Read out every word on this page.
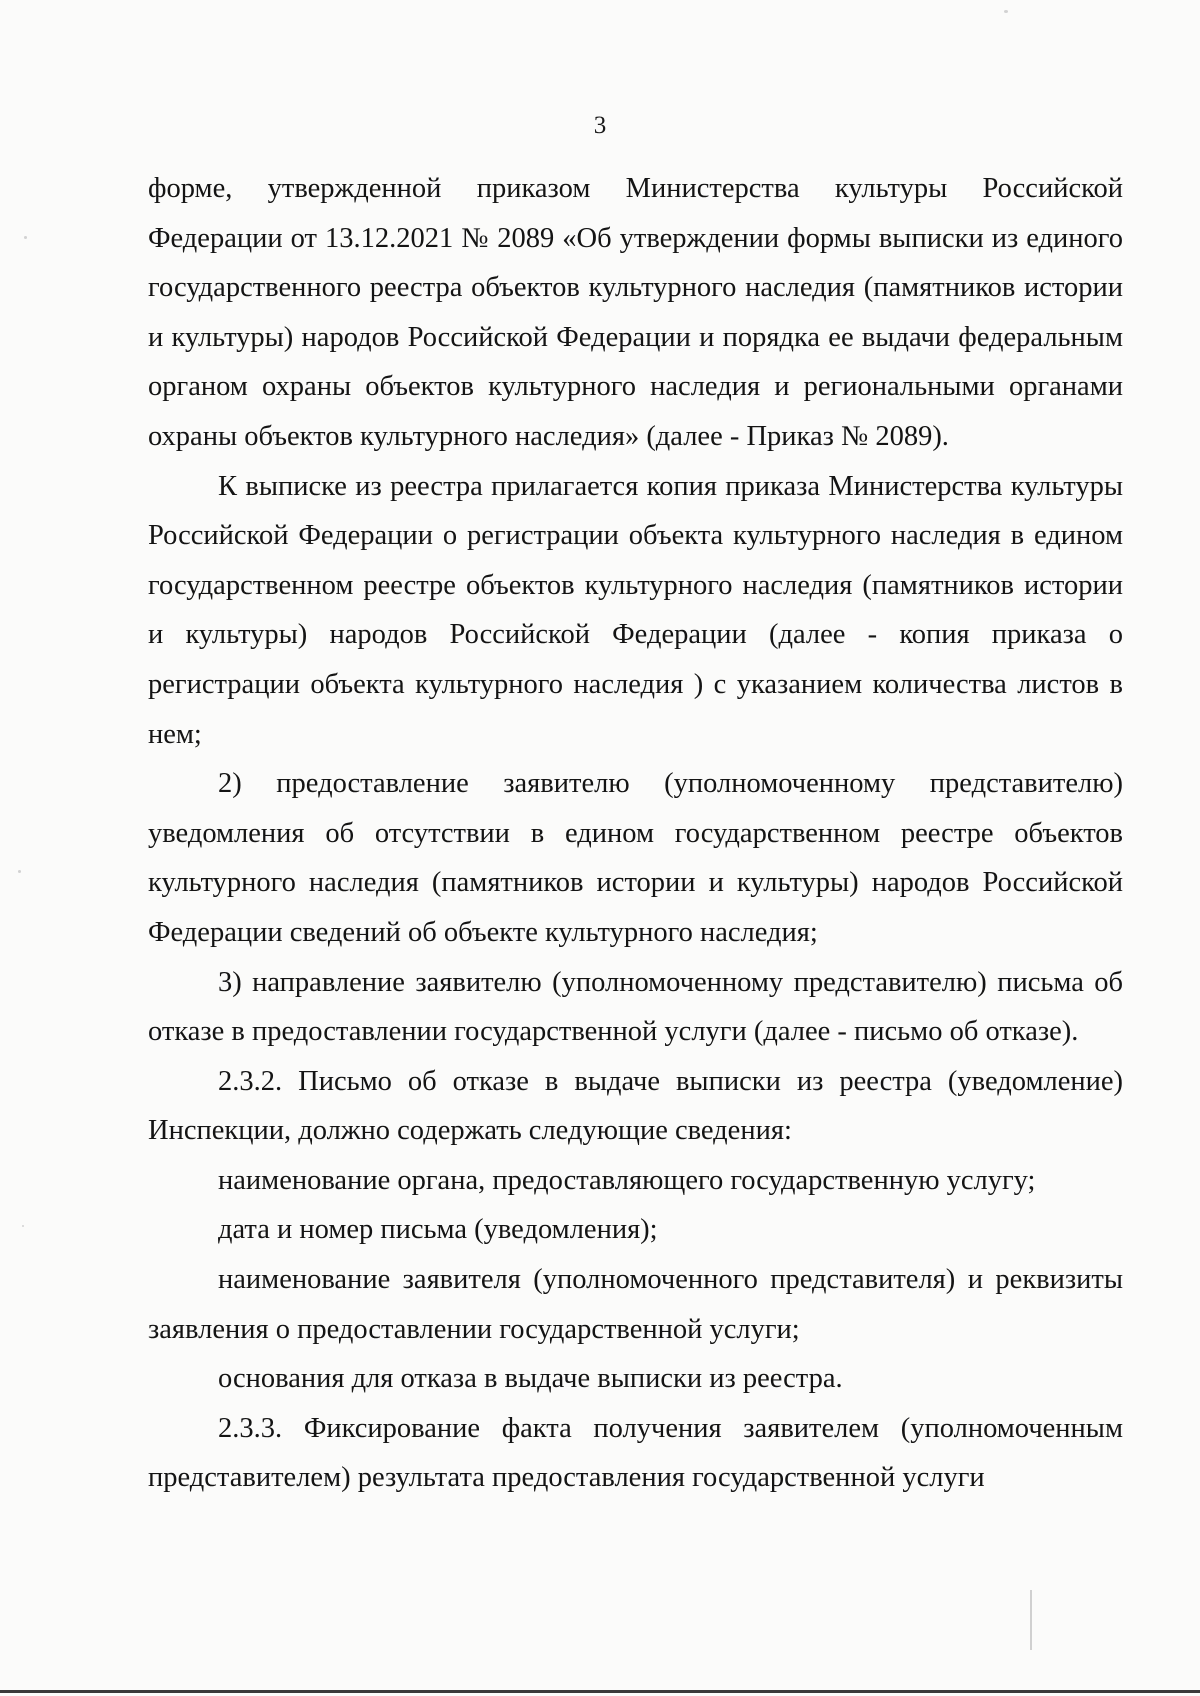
3

форме, утвержденной приказом Министерства культуры Российской Федерации от 13.12.2021 № 2089 «Об утверждении формы выписки из единого государственного реестра объектов культурного наследия (памятников истории и культуры) народов Российской Федерации и порядка ее выдачи федеральным органом охраны объектов культурного наследия и региональными органами охраны объектов культурного наследия» (далее - Приказ № 2089).

К выписке из реестра прилагается копия приказа Министерства культуры Российской Федерации о регистрации объекта культурного наследия в едином государственном реестре объектов культурного наследия (памятников истории и культуры) народов Российской Федерации (далее - копия приказа о регистрации объекта культурного наследия ) с указанием количества листов в нем;

2) предоставление заявителю (уполномоченному представителю) уведомления об отсутствии в едином государственном реестре объектов культурного наследия (памятников истории и культуры) народов Российской Федерации сведений об объекте культурного наследия;

3) направление заявителю (уполномоченному представителю) письма об отказе в предоставлении государственной услуги (далее - письмо об отказе).

2.3.2. Письмо об отказе в выдаче выписки из реестра (уведомление) Инспекции, должно содержать следующие сведения:

наименование органа, предоставляющего государственную услугу;

дата и номер письма (уведомления);

наименование заявителя (уполномоченного представителя) и реквизиты заявления о предоставлении государственной услуги;

основания для отказа в выдаче выписки из реестра.

2.3.3. Фиксирование факта получения заявителем (уполномоченным представителем) результата предоставления государственной услуги
